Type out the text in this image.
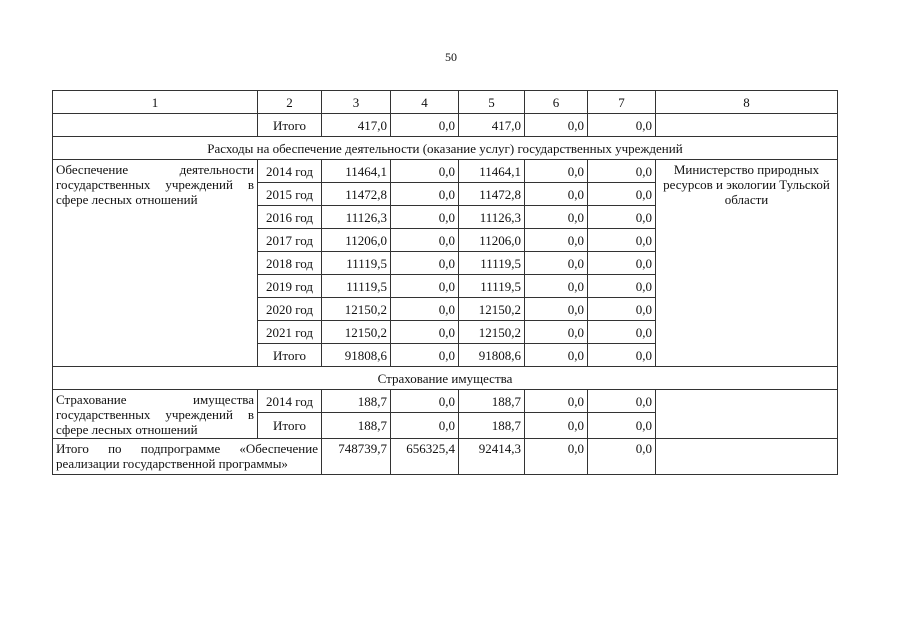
50
1	2	3	4	5	6	7	8
	Итого	417,0	0,0	417,0	0,0	0,0	
Расходы на обеспечение деятельности (оказание услуг) государственных учреждений							
Обеспечение деятельности государственных учреждений в сфере лесных отношений	2014 год	11464,1	0,0	11464,1	0,0	0,0	Министерство природных ресурсов и экологии Тульской области
	2015 год	11472,8	0,0	11472,8	0,0	0,0	
	2016 год	11126,3	0,0	11126,3	0,0	0,0	
	2017 год	11206,0	0,0	11206,0	0,0	0,0	
	2018 год	11119,5	0,0	11119,5	0,0	0,0	
	2019 год	11119,5	0,0	11119,5	0,0	0,0	
	2020 год	12150,2	0,0	12150,2	0,0	0,0	
	2021 год	12150,2	0,0	12150,2	0,0	0,0	
	Итого	91808,6	0,0	91808,6	0,0	0,0	
Страхование имущества							
Страхование имущества государственных учреждений в сфере лесных отношений	2014 год	188,7	0,0	188,7	0,0	0,0	
	Итого	188,7	0,0	188,7	0,0	0,0	
Итого по подпрограмме «Обеспечение реализации государственной программы»		748739,7	656325,4	92414,3	0,0	0,0	
